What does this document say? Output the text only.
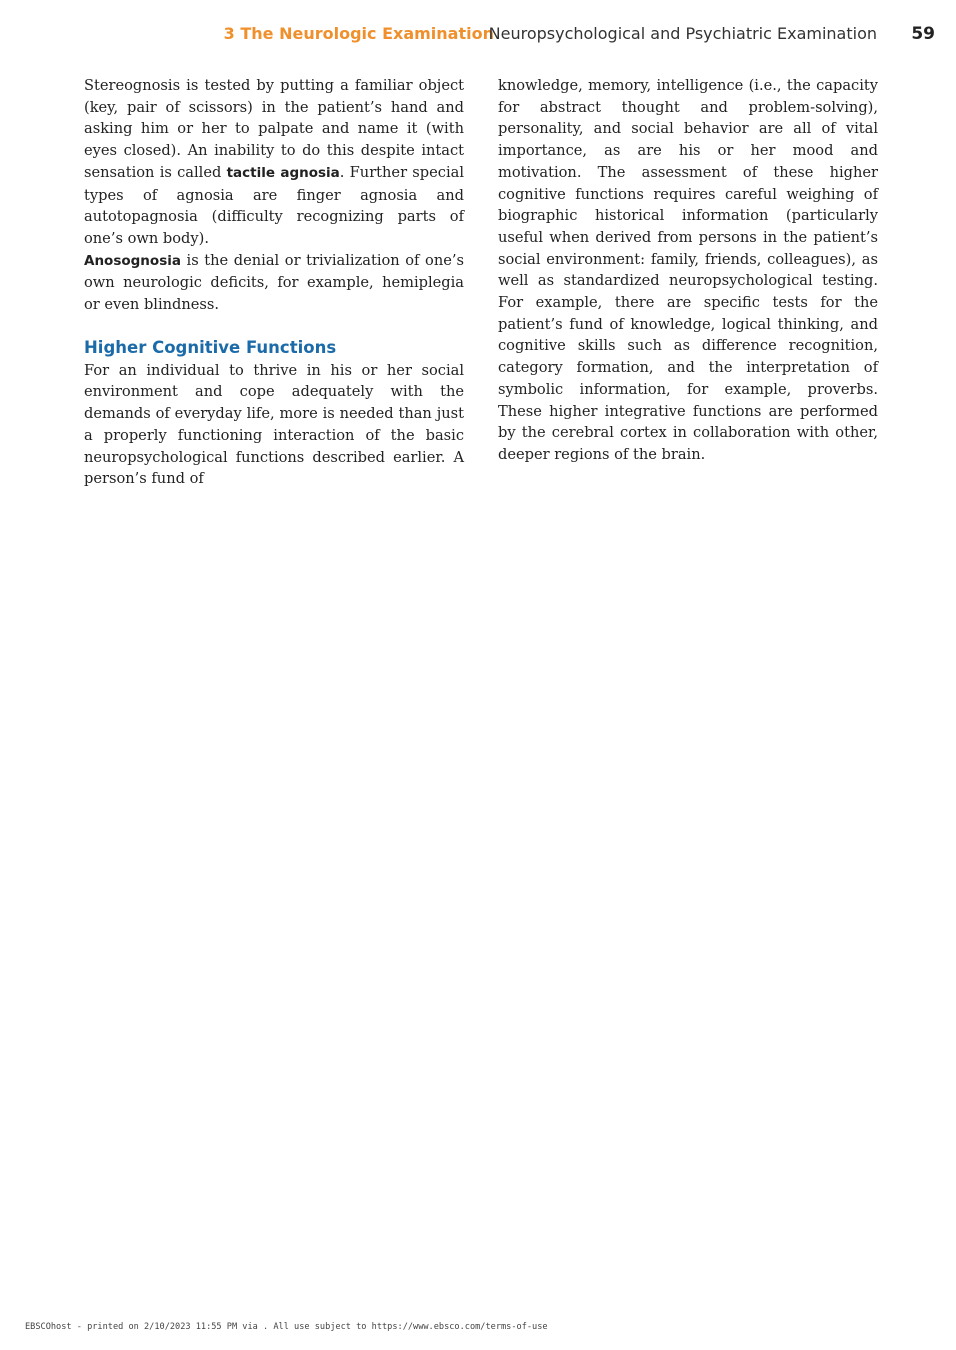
3 The Neurologic Examination
Neuropsychological and Psychiatric Examination 59

Stereognosis is tested by putting a familiar object (key, pair of scissors) in the patient’s hand and asking him or her to palpate and name it (with eyes closed). An inability to do this despite intact sensation is called tactile agnosia. Further special types of agnosia are finger agnosia and autotopagnosia (difficulty recognizing parts of one’s own body).

Anosognosia is the denial or trivialization of one’s own neurologic deficits, for example, hemiplegia or even blindness.

Higher Cognitive Functions

For an individual to thrive in his or her social environment and cope adequately with the demands of everyday life, more is needed than just a properly functioning interaction of the basic neuropsychological functions described earlier. A person’s fund of

knowledge, memory, intelligence (i.e., the capacity for abstract thought and problem-solving), personality, and social behavior are all of vital importance, as are his or her mood and motivation. The assessment of these higher cognitive functions requires careful weighing of biographic historical information (particularly useful when derived from persons in the patient’s social environment: family, friends, colleagues), as well as standardized neuropsychological testing. For example, there are specific tests for the patient’s fund of knowledge, logical thinking, and cognitive skills such as difference recognition, category formation, and the interpretation of symbolic information, for example, proverbs. These higher integrative functions are performed by the cerebral cortex in collaboration with other, deeper regions of the brain.

EBSCOhost - printed on 2/10/2023 11:55 PM via . All use subject to https://www.ebsco.com/terms-of-use
